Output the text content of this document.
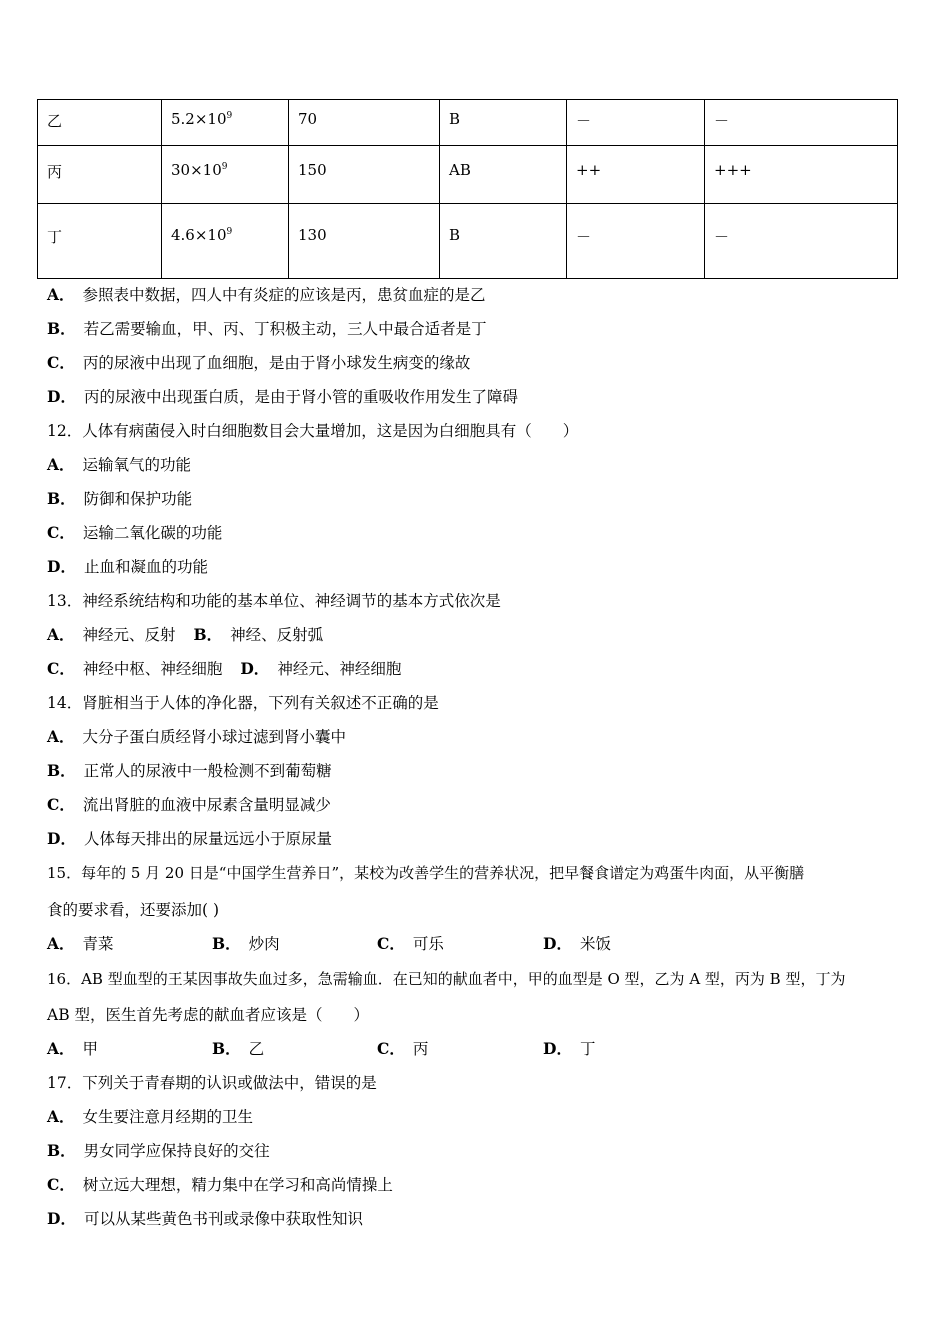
乙	$5.2\times 10^9$	70	B	－	－
丙	$30\times 10^9$	150	AB	++	+++
丁	$4.6\times 10^9$	130	B	－	－
A． 参照表中数据，四人中有炎症的应该是丙，患贫血症的是乙
B． 若乙需要输血，甲、丙、丁积极主动，三人中最合适者是丁
C． 丙的尿液中出现了血细胞，是由于肾小球发生病变的缘故
D． 丙的尿液中出现蛋白质，是由于肾小管的重吸收作用发生了障碍
12．人体有病菌侵入时白细胞数目会大量增加，这是因为白细胞具有（　　）
A． 运输氧气的功能
B． 防御和保护功能
C． 运输二氧化碳的功能
D． 止血和凝血的功能
13．神经系统结构和功能的基本单位、神经调节的基本方式依次是
A． 神经元、反射 B． 神经、反射弧
C． 神经中枢、神经细胞 D． 神经元、神经细胞
14．肾脏相当于人体的净化器，下列有关叙述不正确的是
A． 大分子蛋白质经肾小球过滤到肾小囊中
B． 正常人的尿液中一般检测不到葡萄糖
C． 流出肾脏的血液中尿素含量明显减少
D． 人体每天排出的尿量远远小于原尿量
15．每年的 5 月 20 日是“中国学生营养日”，某校为改善学生的营养状况，把早餐食谱定为鸡蛋牛肉面，从平衡膳
食的要求看，还要添加( )
A． 青菜	B． 炒肉	C． 可乐	D． 米饭
16．AB 型血型的王某因事故失血过多，急需输血．在已知的献血者中，甲的血型是 O 型，乙为 A 型，丙为 B 型，丁为
AB 型，医生首先考虑的献血者应该是（　　）
A． 甲	B． 乙	C． 丙	D． 丁
17．下列关于青春期的认识或做法中，错误的是
A． 女生要注意月经期的卫生
B． 男女同学应保持良好的交往
C． 树立远大理想，精力集中在学习和高尚情操上
D． 可以从某些黄色书刊或录像中获取性知识
